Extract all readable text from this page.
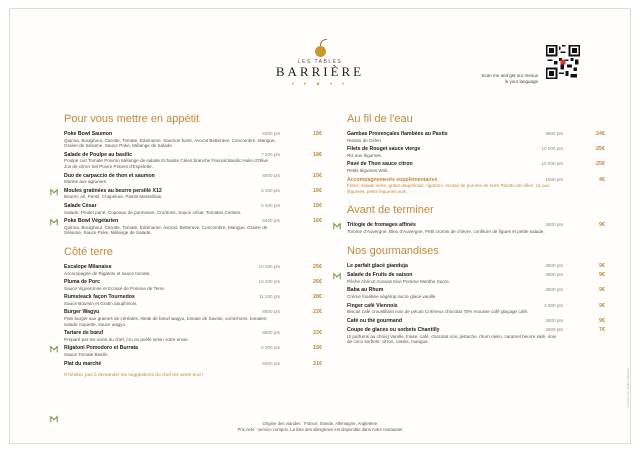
LES TABLES
BARRIÈRE
• • ✦ • •
Scan me and get our menus in your language
Pour vous mettre en appétit
Poke Bowl Saumon	6400 pts	16€
Quinoa, Boulghour, Carotte, Tomate, Edamame, Saumon fumé, Avocat Betterave, Concombre, Mangue, Graine de Sésame, Sauce Poke, Mélange de Salade.
Salade de Poulpe au basilic	7 200 pts	18€
Poulpe cuit Tomate Poivron Mélange de salade Echalote Céleri branche Fenouil Basilic Huile d'Olive Jus de citron Sel Poivre Piment d'Espelette.
Duo de carpaccio de thon et saumon	6000 pts	15€
Mariné aux agrumes.
Moules gratinées au beurre persillé X12	6 400 pts	16€
Beurre, Ail, Persil, Chapelure, Pastis Marseillais.
Salade César	6 400 pts	16€
Salade, Poulet pané, Copeaux de parmesan, Croûtons, Sauce césar, Tomates Cerises.
Poke Bowl Végétarien	6400 pts	16€
Quinoa, Boulghour, Carotte, Tomate, Edamame, Avocat, Betterave, Concombre, Mangue, Graine de Sésame, Sauce Poke, Mélange de Salade.
Côté terre
Escalope Milanaise	10 000 pts	25€
Accompagné de Rigatoni et sauce tomate.
Pluma de Porc	10 400 pts	26€
Sauce Vigneronne et Ecrasé de Pomme de Terre.
Rumsteack façon Tournedos	11 200 pts	28€
Sauce Boursin et Gratin dauphinois.
Burger Wagyu	8800 pts	22€
Pain burger aux graines de céréales, steak de bœuf wagyu, tomate de Savoie, cornichons, tomates, salade roquette, sauce wagyu.
Tartare de bœuf	8800 pts	22€
Préparé par les soins du chef, cru ou poêlé selon votre envie.
Rigatoni Pomodoro et Burrata	6 000 pts	15€
Sauce Tomate Basilic
Plat du marché	8400 pts	21€
N'hésitez pas à demander les suggestions du chef les week-end !
Au fil de l'eau
Gambas Provençales flambées au Pastis	9600 pts	24€
Risotto de Céleri.
Filets de Rouget sauce vierge	10 000 pts	25€
Riz aux légumes.
Pavé de Thon sauce citron	10 000 pts	25€
Petits légumes Wok.
Accompagnements supplémentaires	1600 pts	4€
Frites, salade verte, gratin dauphinois, rigatroni, écrasé de pomme de terre Risotto de céleri, riz aux légumes, petits légumes wok
Avant de terminer
Trilogie de fromages affinés	3600 pts	9€
Tomme d'Auvergne, Bleu d'Auvergne, Petit cromin de chèvre, confiture de figues et petite salade.
Nos gourmandises
Le parfait glacé gianduja	3600 pts	9€
Salade de Fruits de saison	3600 pts	9€
Pêche Abricot Ananas Kiwi Pomme Menthe Sucre.
Baba au Rhum	3600 pts	9€
Crème fouettée végétop sucre glace vanille
Finger café Viennois	3 600 pts	9€
Biscuit café croustillant noix de pécan Crémeux chocolat 70% mousse café glaçage café.
Café ou thé gourmand	3600 pts	9€
Coupe de glaces ou sorbets Chantilly	2800 pts	7€
(2 parfums au choix) Vanille, fraise, café, chocolat noir, pistache, rhum raisin, caramel beurre salé, noix de coco sorbets: citron, cassis, mangue.
Origine des viandes : France, Irlande, Allemagne, Angleterre
Prix nets - service compris. La liste des allergènes est disponible dans notre restaurant
Imprimé par l'Éditeur Barrière
